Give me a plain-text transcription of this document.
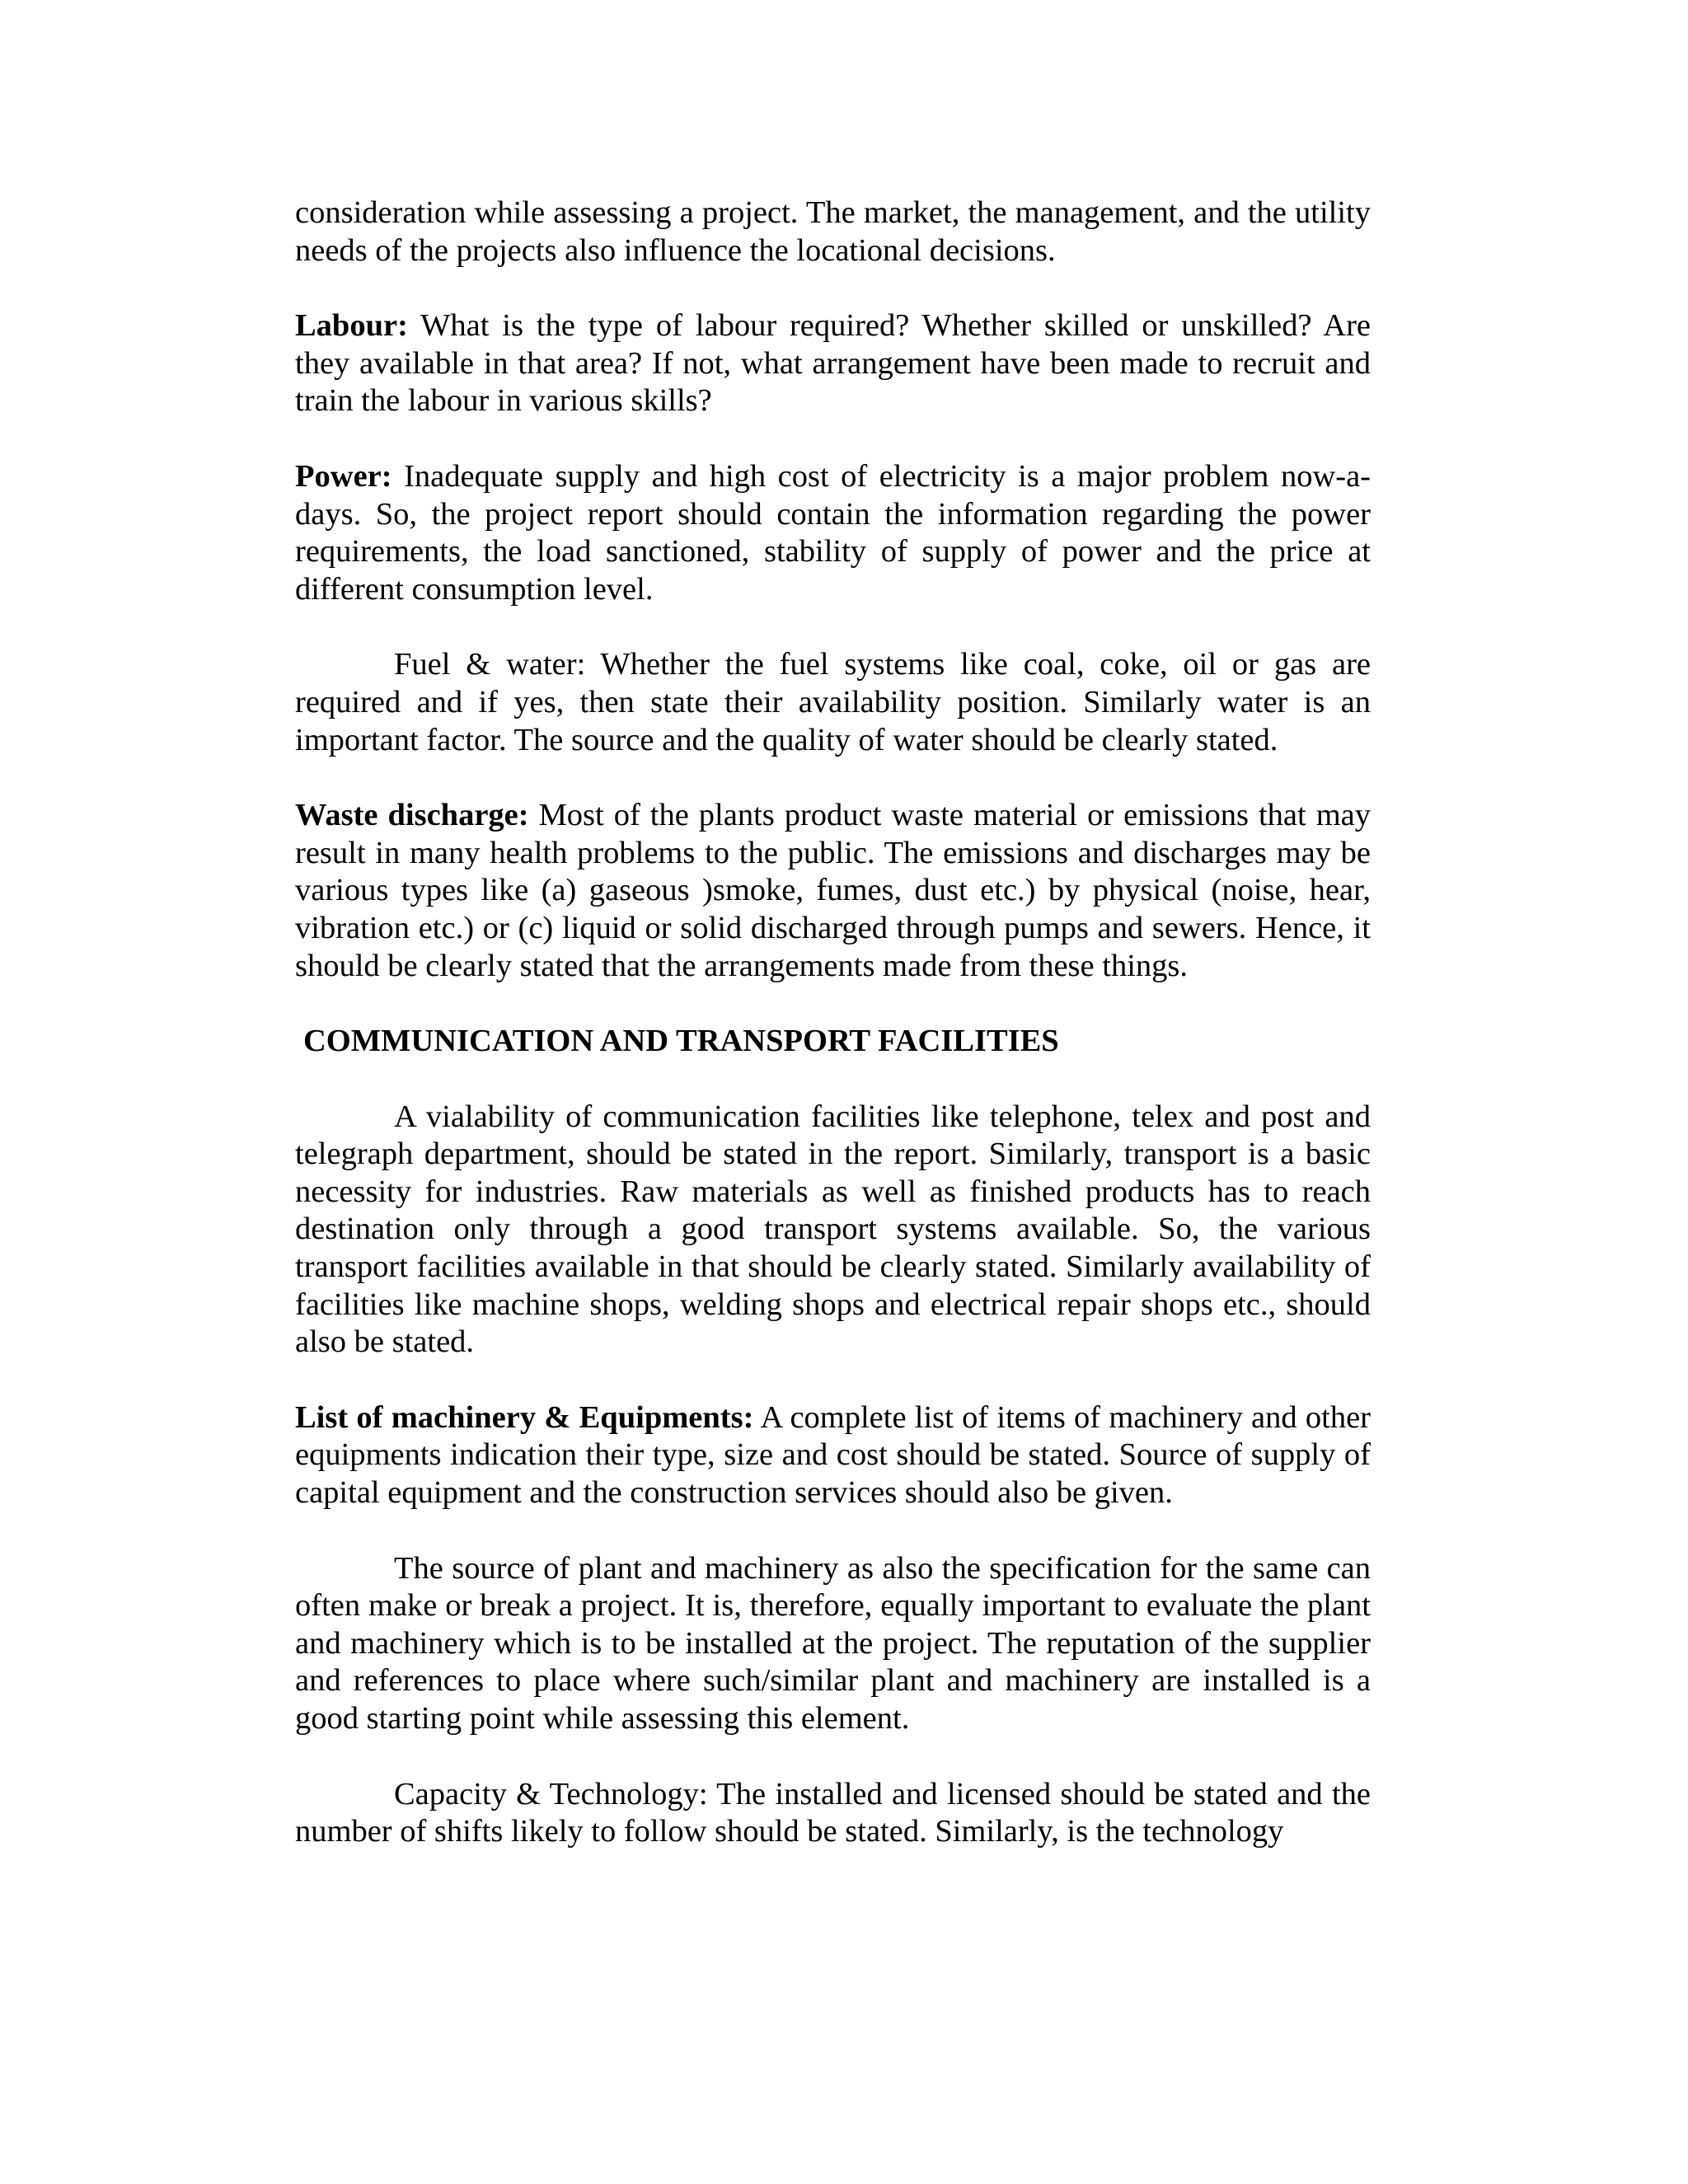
consideration while assessing a project. The market, the management, and the utility needs of the projects also influence the locational decisions.

Labour: What is the type of labour required? Whether skilled or unskilled? Are they available in that area? If not, what arrangement have been made to recruit and train the labour in various skills?

Power: Inadequate supply and high cost of electricity is a major problem now-a-days. So, the project report should contain the information regarding the power requirements, the load sanctioned, stability of supply of power and the price at different consumption level.

Fuel & water: Whether the fuel systems like coal, coke, oil or gas are required and if yes, then state their availability position. Similarly water is an important factor. The source and the quality of water should be clearly stated.

Waste discharge: Most of the plants product waste material or emissions that may result in many health problems to the public. The emissions and discharges may be various types like (a) gaseous )smoke, fumes, dust etc.) by physical (noise, hear, vibration etc.) or (c) liquid or solid discharged through pumps and sewers. Hence, it should be clearly stated that the arrangements made from these things.

COMMUNICATION AND TRANSPORT FACILITIES

A vialability of communication facilities like telephone, telex and post and telegraph department, should be stated in the report. Similarly, transport is a basic necessity for industries. Raw materials as well as finished products has to reach destination only through a good transport systems available. So, the various transport facilities available in that should be clearly stated. Similarly availability of facilities like machine shops, welding shops and electrical repair shops etc., should also be stated.

List of machinery & Equipments: A complete list of items of machinery and other equipments indication their type, size and cost should be stated. Source of supply of capital equipment and the construction services should also be given.

The source of plant and machinery as also the specification for the same can often make or break a project. It is, therefore, equally important to evaluate the plant and machinery which is to be installed at the project. The reputation of the supplier and references to place where such/similar plant and machinery are installed is a good starting point while assessing this element.

Capacity & Technology: The installed and licensed should be stated and the number of shifts likely to follow should be stated. Similarly, is the technology
